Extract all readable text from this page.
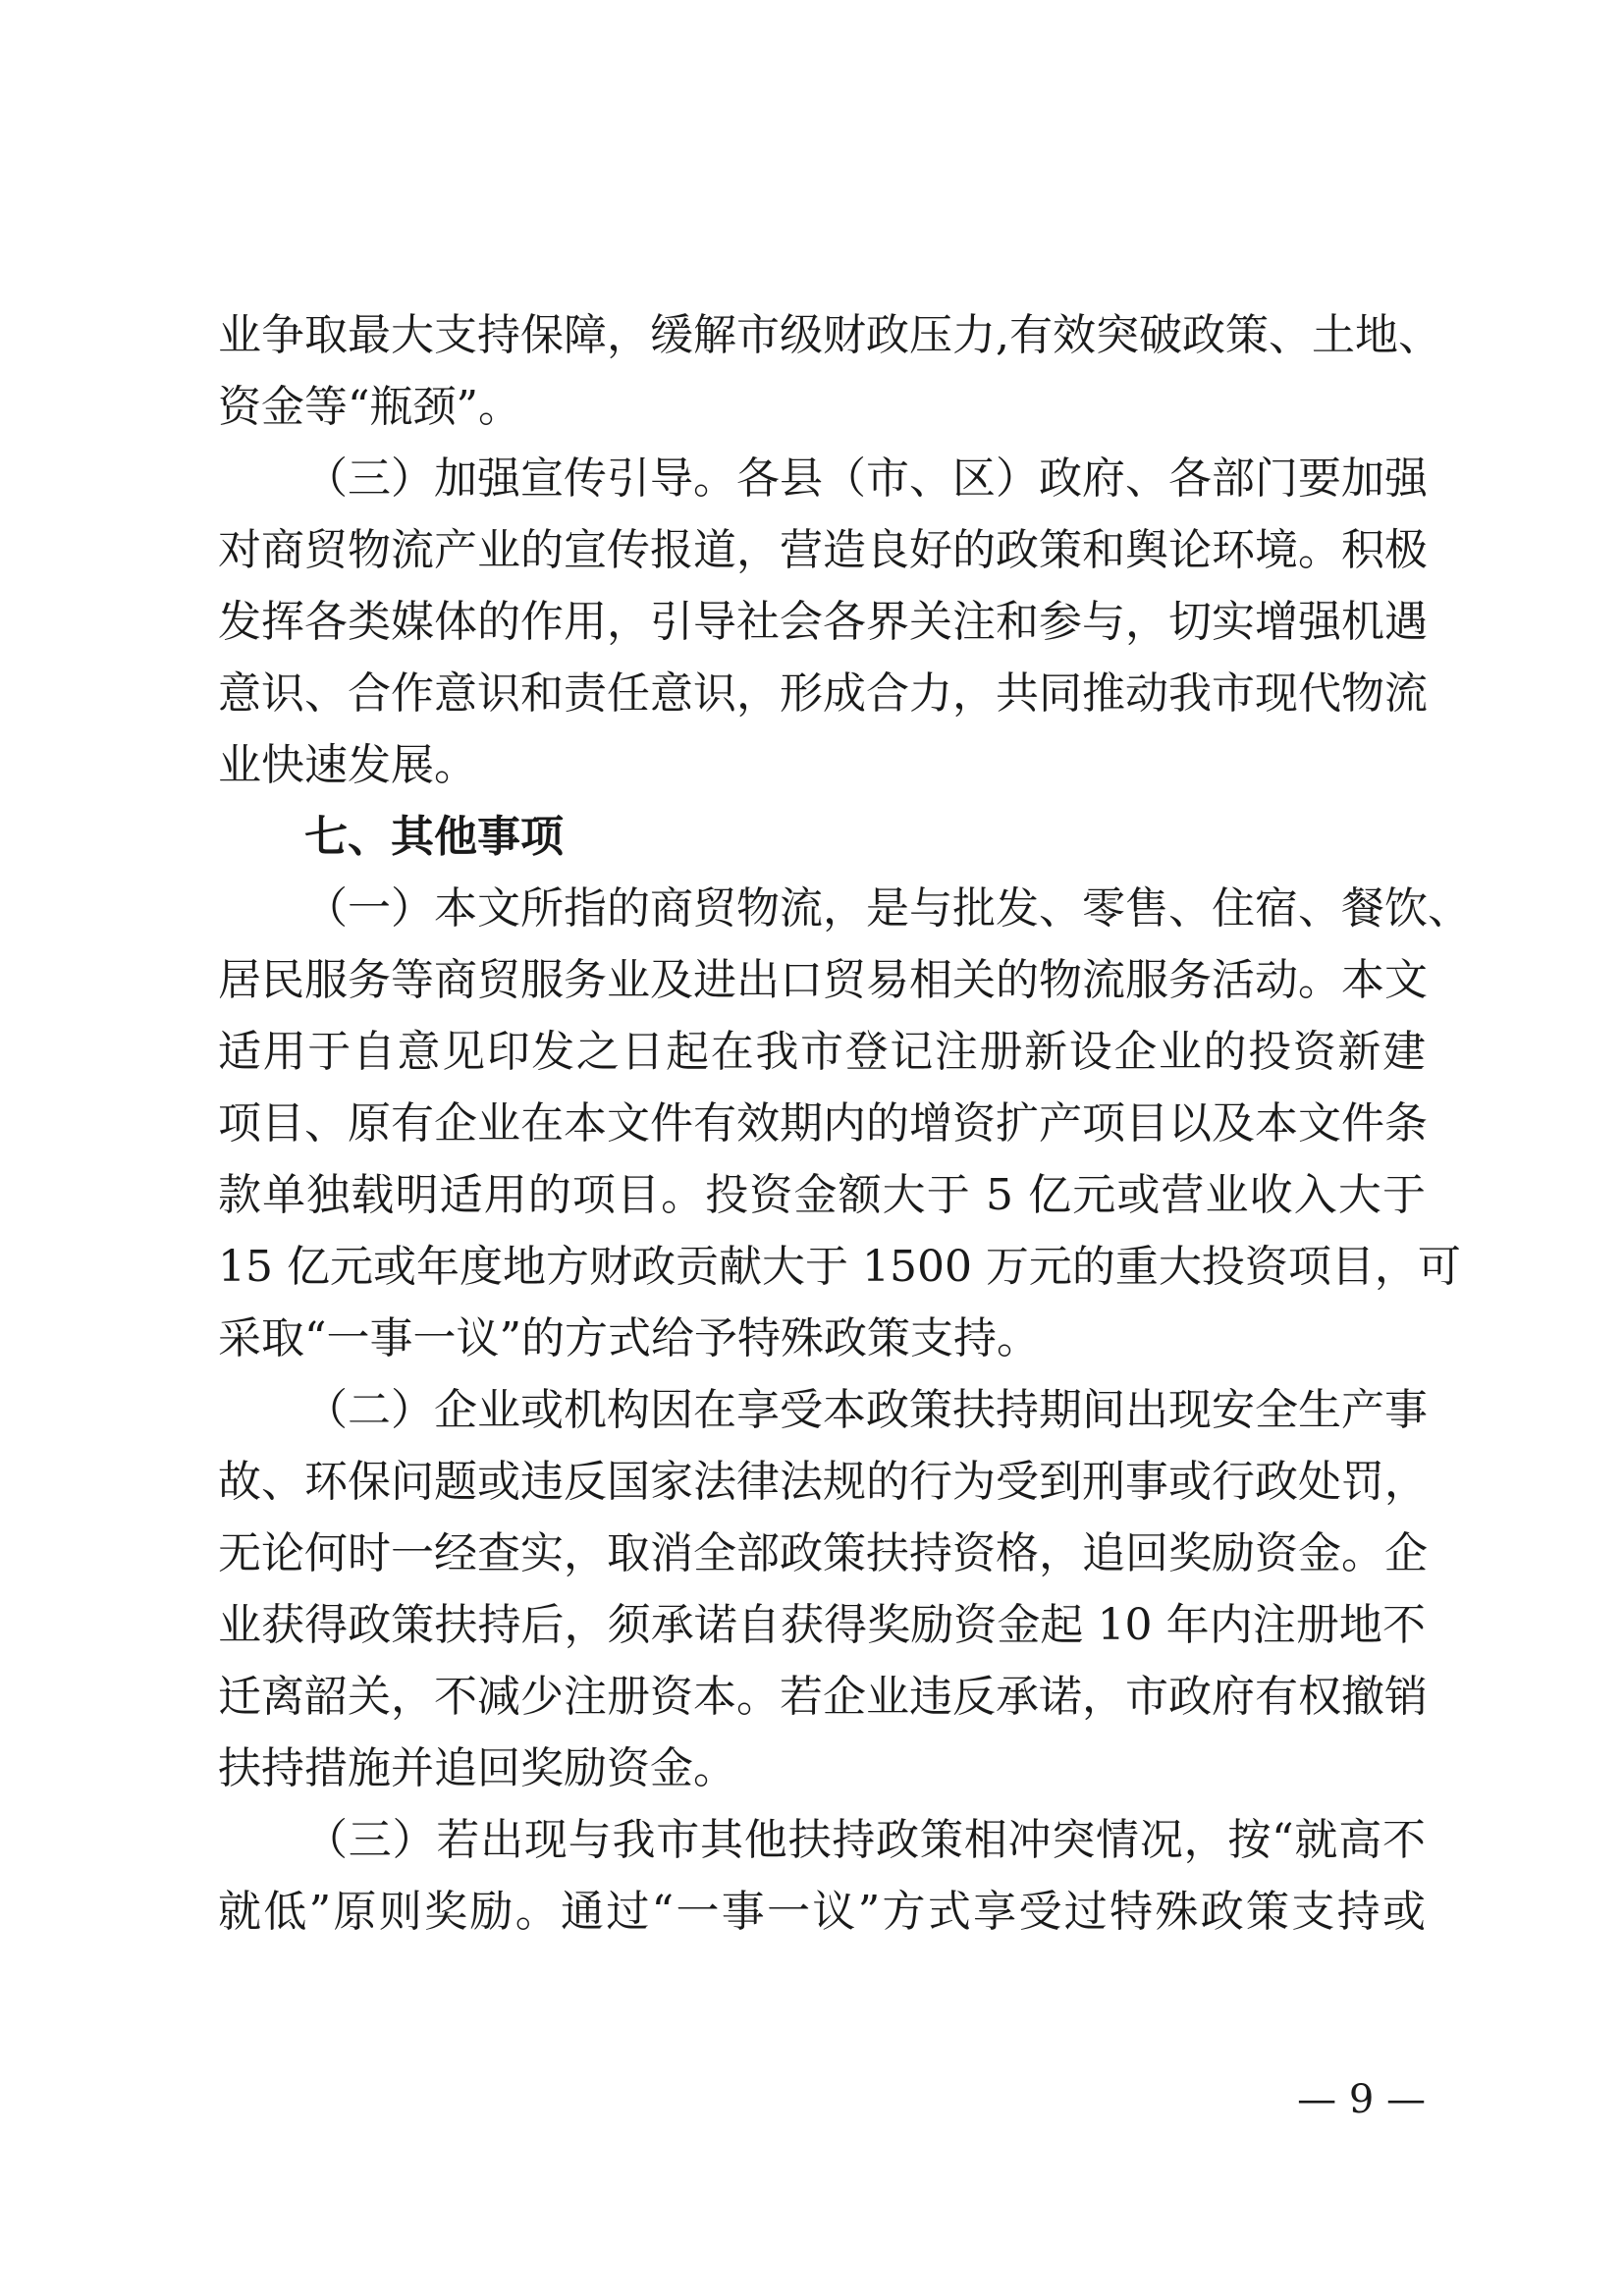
业争取最大支持保障，缓解市级财政压力,有效突破政策、土地、
资金等“瓶颈”。
（三）加强宣传引导。各县（市、区）政府、各部门要加强
对商贸物流产业的宣传报道，营造良好的政策和舆论环境。积极
发挥各类媒体的作用，引导社会各界关注和参与，切实增强机遇
意识、合作意识和责任意识，形成合力，共同推动我市现代物流
业快速发展。
七、其他事项
（一）本文所指的商贸物流，是与批发、零售、住宿、餐饮、
居民服务等商贸服务业及进出口贸易相关的物流服务活动。本文
适用于自意见印发之日起在我市登记注册新设企业的投资新建
项目、原有企业在本文件有效期内的增资扩产项目以及本文件条
款单独载明适用的项目。投资金额大于 5 亿元或营业收入大于
15 亿元或年度地方财政贡献大于 1500 万元的重大投资项目，可
采取“一事一议”的方式给予特殊政策支持。
（二）企业或机构因在享受本政策扶持期间出现安全生产事
故、环保问题或违反国家法律法规的行为受到刑事或行政处罚，
无论何时一经查实，取消全部政策扶持资格，追回奖励资金。企
业获得政策扶持后，须承诺自获得奖励资金起 10 年内注册地不
迁离韶关，不减少注册资本。若企业违反承诺，市政府有权撤销
扶持措施并追回奖励资金。
（三）若出现与我市其他扶持政策相冲突情况，按“就高不
就低”原则奖励。通过“一事一议”方式享受过特殊政策支持或
— 9 —
